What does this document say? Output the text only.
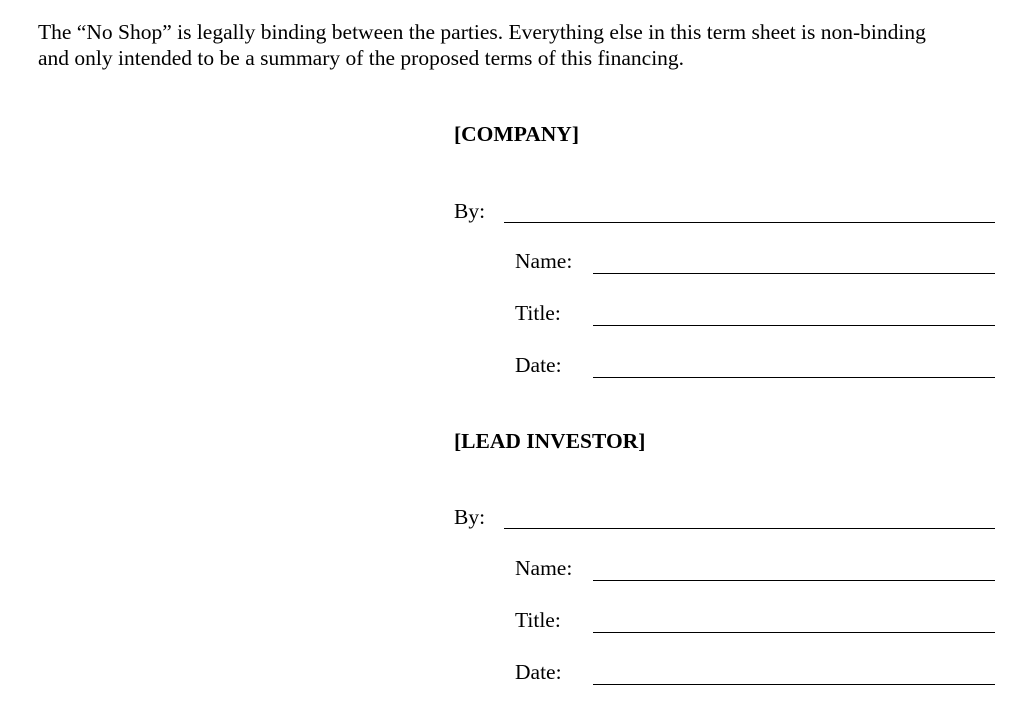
The “No Shop” is legally binding between the parties. Everything else in this term sheet is non-binding
and only intended to be a summary of the proposed terms of this financing.
[COMPANY]
By:
Name:
Title:
Date:
[LEAD INVESTOR]
By:
Name:
Title:
Date:
